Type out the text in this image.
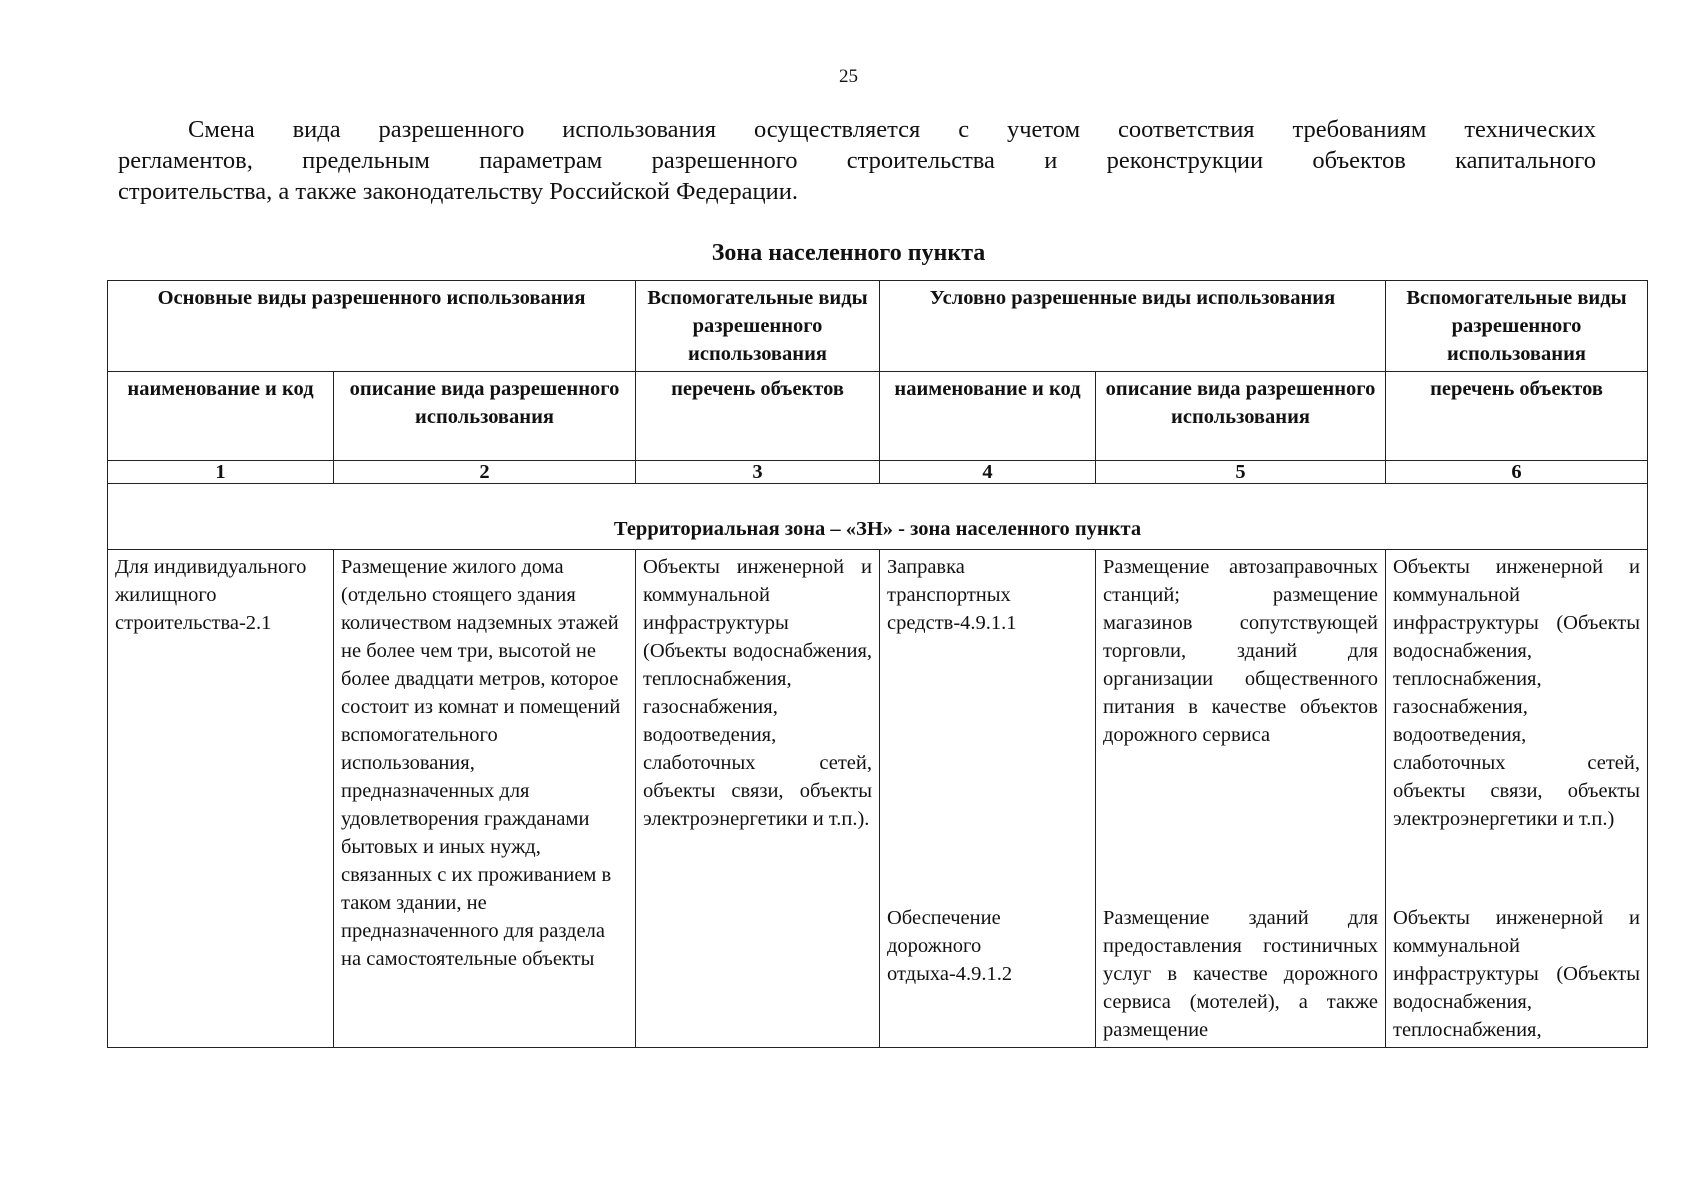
25
Смена вида разрешенного использования осуществляется с учетом соответствия требованиям технических
регламентов, предельным параметрам разрешенного строительства и реконструкции объектов капитального
строительства, а также законодательству Российской Федерации.
Зона населенного пункта
Основные виды разрешенного использования		Вспомогательные виды разрешенного использования	Условно разрешенные виды использования		Вспомогательные виды разрешенного использования
наименование и код	описание вида разрешенного использования	перечень объектов	наименование и код	описание вида разрешенного использования	перечень объектов
1	2	3	4	5	6
Территориальная зона – «ЗН» - зона населенного пункта					
Для индивидуального жилищного строительства-2.1	Размещение жилого дома (отдельно стоящего здания количеством надземных этажей не более чем три, высотой не более двадцати метров, которое состоит из комнат и помещений вспомогательного использования, предназначенных для удовлетворения гражданами бытовых и иных нужд, связанных с их проживанием в таком здании, не предназначенного для раздела на самостоятельные объекты	Объекты инженерной и коммунальной инфраструктуры (Объекты водоснабжения, теплоснабжения, газоснабжения, водоотведения, слаботочных сетей, объекты связи, объекты электроэнергетики и т.п.).	Заправка транспортных средств-4.9.1.1	Размещение автозаправочных станций; размещение магазинов сопутствующей торговли, зданий для организации общественного питания в качестве объектов дорожного сервиса	Объекты инженерной и коммунальной инфраструктуры (Объекты водоснабжения, теплоснабжения, газоснабжения, водоотведения, слаботочных сетей, объекты связи, объекты электроэнергетики и т.п.)
			Обеспечение дорожного отдыха-4.9.1.2	Размещение зданий для предоставления гостиничных услуг в качестве дорожного сервиса (мотелей), а также размещение	Объекты инженерной и коммунальной инфраструктуры (Объекты водоснабжения, теплоснабжения,
